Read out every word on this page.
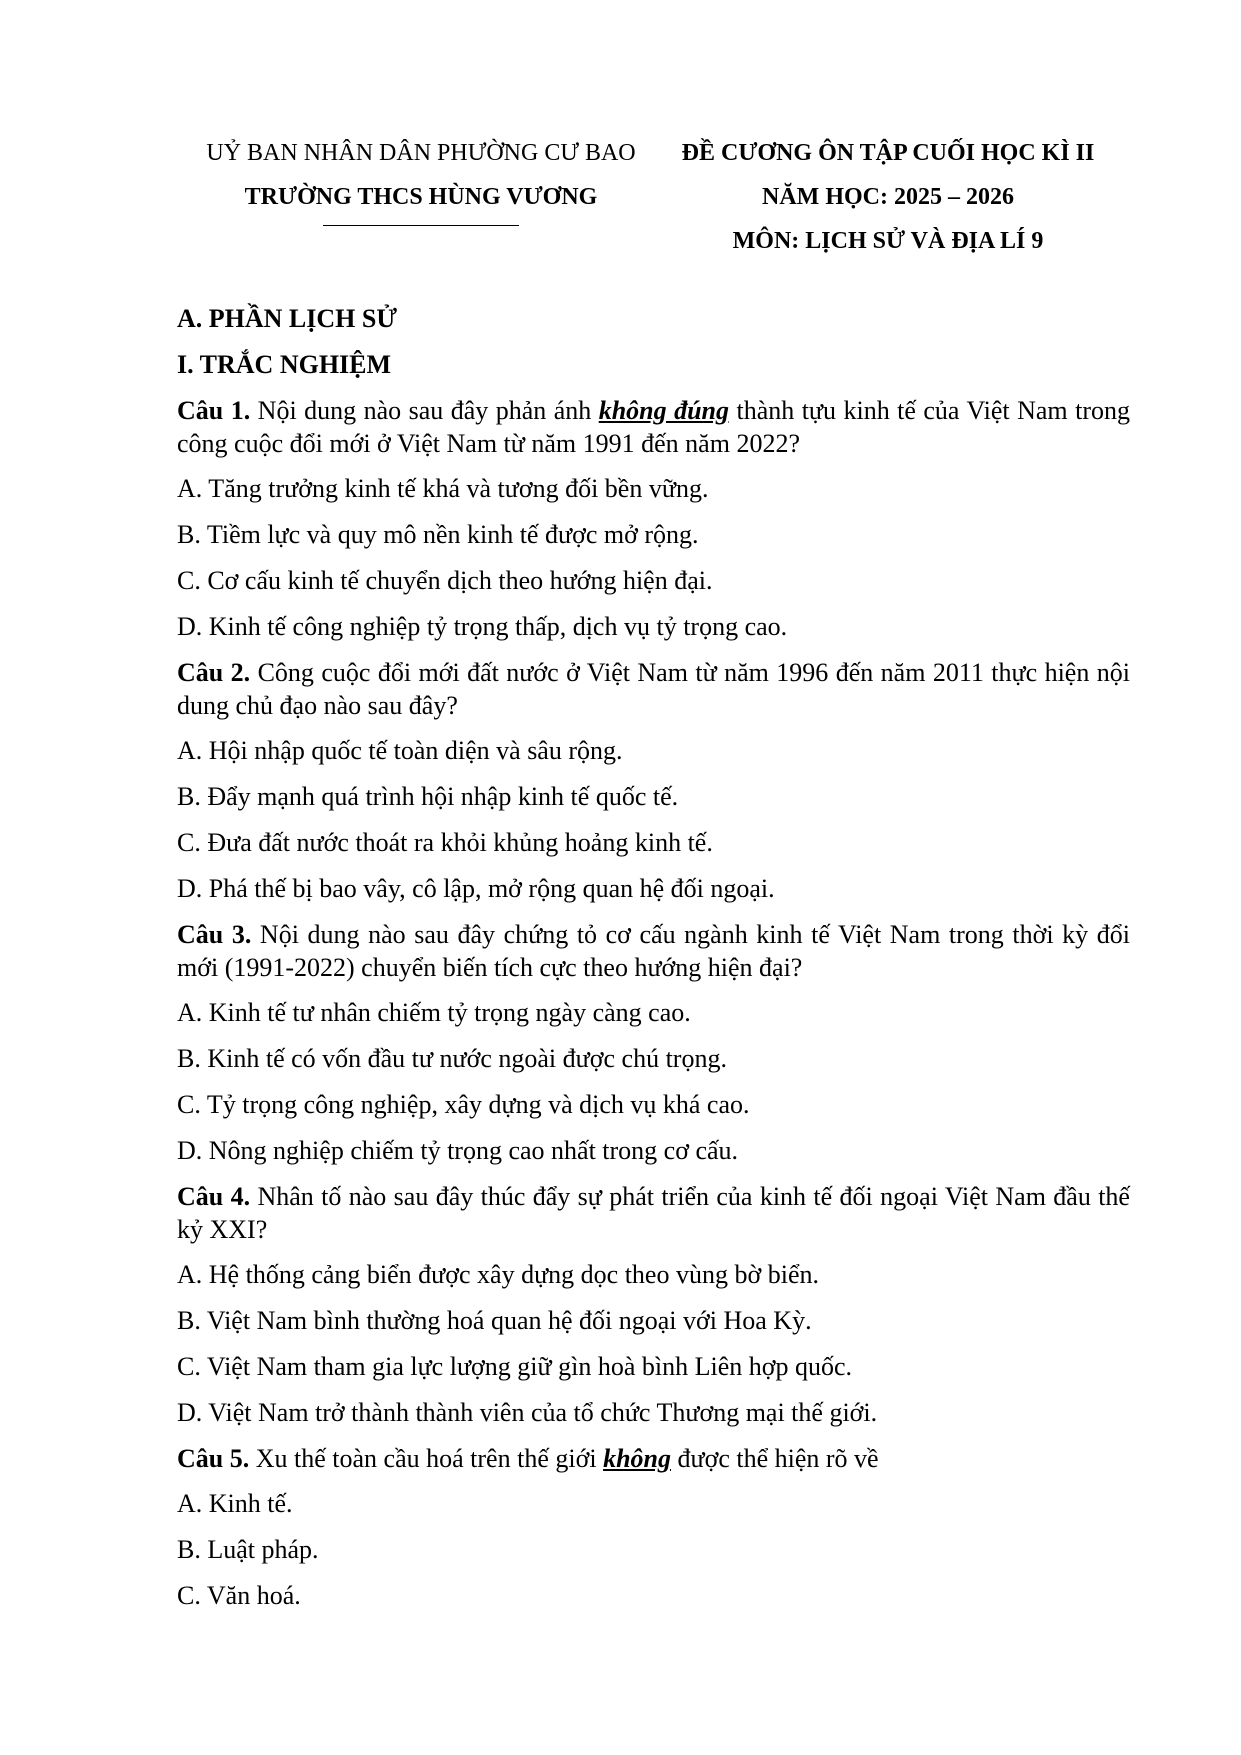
UỶ BAN NHÂN DÂN PHƯỜNG CƯ BAO
TRƯỜNG THCS HÙNG VƯƠNG
ĐỀ CƯƠNG ÔN TẬP CUỐI HỌC KÌ II
NĂM HỌC: 2025 – 2026
MÔN: LỊCH SỬ VÀ ĐỊA LÍ 9
A. PHẦN LỊCH SỬ
I. TRẮC NGHIỆM
Câu 1. Nội dung nào sau đây phản ánh không đúng thành tựu kinh tế của Việt Nam trong công cuộc đổi mới ở Việt Nam từ năm 1991 đến năm 2022?
A. Tăng trưởng kinh tế khá và tương đối bền vững.
B. Tiềm lực và quy mô nền kinh tế được mở rộng.
C. Cơ cấu kinh tế chuyển dịch theo hướng hiện đại.
D. Kinh tế công nghiệp tỷ trọng thấp, dịch vụ tỷ trọng cao.
Câu 2. Công cuộc đổi mới đất nước ở Việt Nam từ năm 1996 đến năm 2011 thực hiện nội dung chủ đạo nào sau đây?
A. Hội nhập quốc tế toàn diện và sâu rộng.
B. Đẩy mạnh quá trình hội nhập kinh tế quốc tế.
C. Đưa đất nước thoát ra khỏi khủng hoảng kinh tế.
D. Phá thế bị bao vây, cô lập, mở rộng quan hệ đối ngoại.
Câu 3. Nội dung nào sau đây chứng tỏ cơ cấu ngành kinh tế Việt Nam trong thời kỳ đổi mới (1991-2022) chuyển biến tích cực theo hướng hiện đại?
A. Kinh tế tư nhân chiếm tỷ trọng ngày càng cao.
B. Kinh tế có vốn đầu tư nước ngoài được chú trọng.
C. Tỷ trọng công nghiệp, xây dựng và dịch vụ khá cao.
D. Nông nghiệp chiếm tỷ trọng cao nhất trong cơ cấu.
Câu 4. Nhân tố nào sau đây thúc đẩy sự phát triển của kinh tế đối ngoại Việt Nam đầu thế kỷ XXI?
A. Hệ thống cảng biển được xây dựng dọc theo vùng bờ biển.
B. Việt Nam bình thường hoá quan hệ đối ngoại với Hoa Kỳ.
C. Việt Nam tham gia lực lượng giữ gìn hoà bình Liên hợp quốc.
D. Việt Nam trở thành thành viên của tổ chức Thương mại thế giới.
Câu 5. Xu thế toàn cầu hoá trên thế giới không được thể hiện rõ về
A. Kinh tế.
B. Luật pháp.
C. Văn hoá.
